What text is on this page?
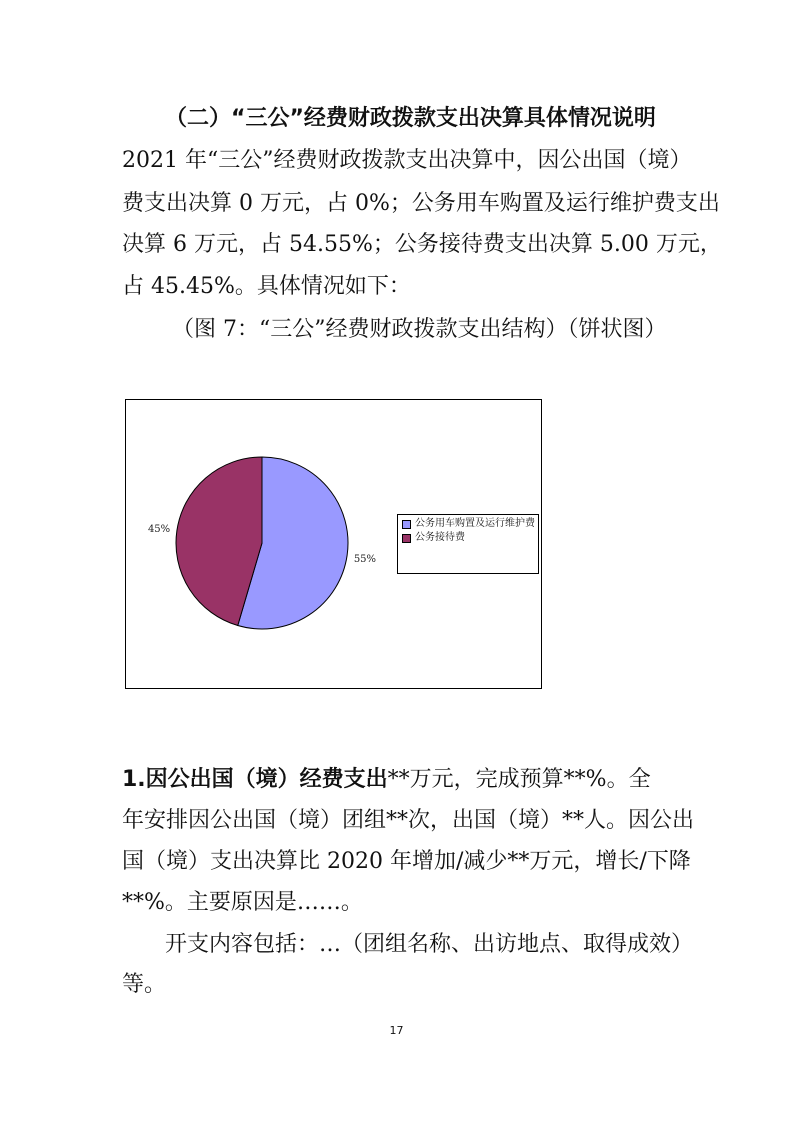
（二）“三公”经费财政拨款支出决算具体情况说明
2021 年“三公”经费财政拨款支出决算中，因公出国（境）
费支出决算 0 万元，占 0%；公务用车购置及运行维护费支出
决算 6 万元，占 54.55%；公务接待费支出决算 5.00 万元，
占 45.45%。具体情况如下：
（图 7：“三公”经费财政拨款支出结构）（饼状图）
55%
45%
公务用车购置及运行维护费
公务接待费
1.因公出国（境）经费支出**万元，完成预算**%。全
年安排因公出国（境）团组**次，出国（境）**人。因公出
国（境）支出决算比 2020 年增加/减少**万元，增长/下降
**%。主要原因是……。
开支内容包括：…（团组名称、出访地点、取得成效）
等。
17
